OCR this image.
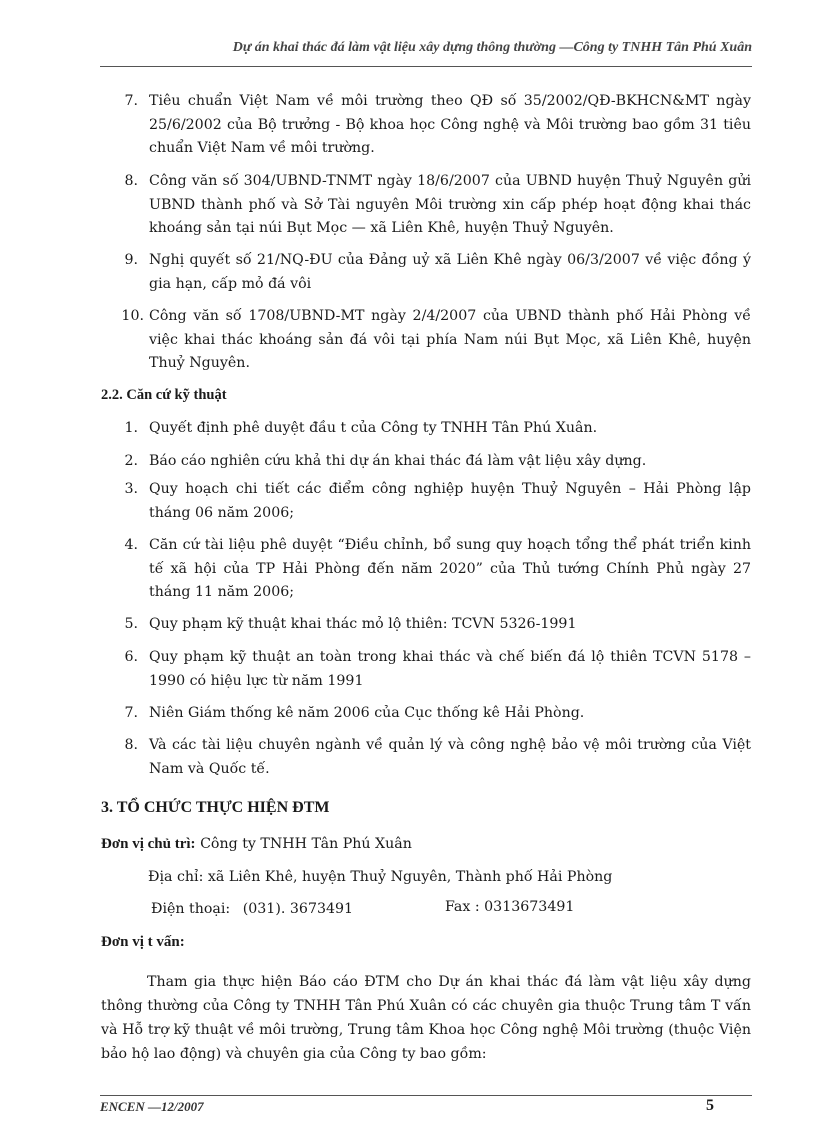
Dự án khai thác đá làm vật liệu xây dựng thông thường —Công ty TNHH Tân Phú Xuân
7. Tiêu chuẩn Việt Nam về môi trường theo QĐ số 35/2002/QĐ-BKHCN&MT ngày 25/6/2002 của Bộ trưởng - Bộ khoa học Công nghệ và Môi trường bao gồm 31 tiêu chuẩn Việt Nam về môi trường.
8. Công văn số 304/UBND-TNMT ngày 18/6/2007 của UBND huyện Thuỷ Nguyên gửi UBND thành phố và Sở Tài nguyên Môi trường xin cấp phép hoạt động khai thác khoáng sản tại núi Bụt Mọc — xã Liên Khê, huyện Thuỷ Nguyên.
9. Nghị quyết số 21/NQ-ĐU của Đảng uỷ xã Liên Khê ngày 06/3/2007 về việc đồng ý gia hạn, cấp mỏ đá vôi
10. Công văn số 1708/UBND-MT ngày 2/4/2007 của UBND thành phố Hải Phòng về việc khai thác khoáng sản đá vôi tại phía Nam núi Bụt Mọc, xã Liên Khê, huyện Thuỷ Nguyên.
2.2. Căn cứ kỹ thuật
1. Quyết định phê duyệt đầu t của Công ty TNHH Tân Phú Xuân.
2. Báo cáo nghiên cứu khả thi dự án khai thác đá làm vật liệu xây dựng.
3. Quy hoạch chi tiết các điểm công nghiệp huyện Thuỷ Nguyên – Hải Phòng lập tháng 06 năm 2006;
4. Căn cứ tài liệu phê duyệt “Điều chỉnh, bổ sung quy hoạch tổng thể phát triển kinh tế xã hội của TP Hải Phòng đến năm 2020” của Thủ tướng Chính Phủ ngày 27 tháng 11 năm 2006;
5. Quy phạm kỹ thuật khai thác mỏ lộ thiên: TCVN 5326-1991
6. Quy phạm kỹ thuật an toàn trong khai thác và chế biến đá lộ thiên TCVN 5178 – 1990 có hiệu lực từ năm 1991
7. Niên Giám thống kê năm 2006 của Cục thống kê Hải Phòng.
8. Và các tài liệu chuyên ngành về quản lý và công nghệ bảo vệ môi trường của Việt Nam và Quốc tế.
3. TỔ CHỨC THỰC HIỆN ĐTM
Đơn vị chủ trì: Công ty TNHH Tân Phú Xuân
Địa chỉ: xã Liên Khê, huyện Thuỷ Nguyên, Thành phố Hải Phòng
Điện thoại: (031). 3673491	Fax : 0313673491
Đơn vị t vấn:
Tham gia thực hiện Báo cáo ĐTM cho Dự án khai thác đá làm vật liệu xây dựng thông thường của Công ty TNHH Tân Phú Xuân có các chuyên gia thuộc Trung tâm T vấn và Hỗ trợ kỹ thuật về môi trường, Trung tâm Khoa học Công nghệ Môi trường (thuộc Viện bảo hộ lao động) và chuyên gia của Công ty bao gồm:
ENCEN —12/2007	5
